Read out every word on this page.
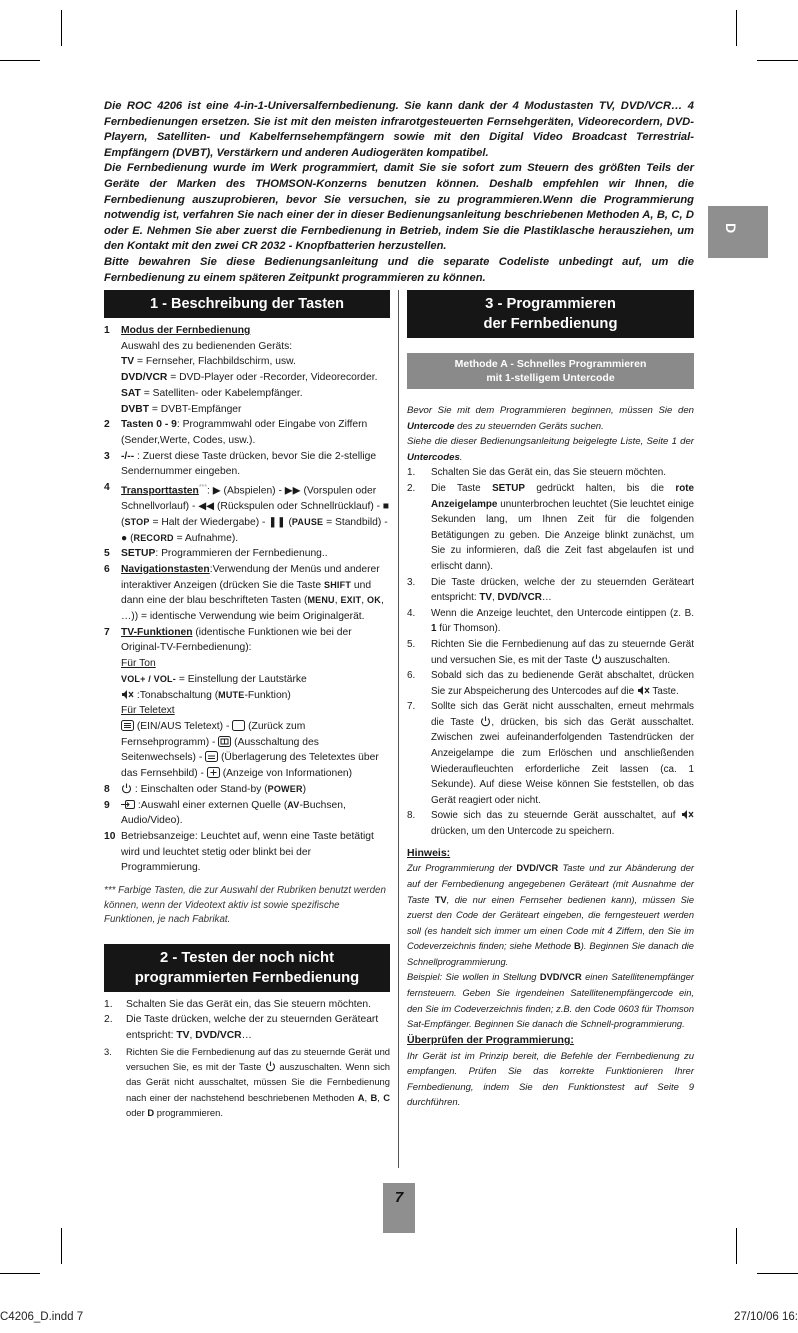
Die ROC 4206 ist eine 4-in-1-Universalfernbedienung. Sie kann dank der 4 Modustasten TV, DVD/VCR… 4 Fernbedienungen ersetzen. Sie ist mit den meisten infrarotgesteuerten Fernsehgeräten, Videorecordern, DVD-Playern, Satelliten- und Kabelfernsehempfängern sowie mit den Digital Video Broadcast Terrestrial-Empfängern (DVBT), Verstärkern und anderen Audiogeräten kompatibel.

Die Fernbedienung wurde im Werk programmiert, damit Sie sie sofort zum Steuern des größten Teils der Geräte der Marken des THOMSON-Konzerns benutzen können. Deshalb empfehlen wir Ihnen, die Fernbedienung auszuprobieren, bevor Sie versuchen, sie zu programmieren.Wenn die Programmierung notwendig ist, verfahren Sie nach einer der in dieser Bedienungsanleitung beschriebenen Methoden A, B, C, D oder E. Nehmen Sie aber zuerst die Fernbedienung in Betrieb, indem Sie die Plastiklasche herausziehen, um den Kontakt mit den zwei CR 2032 - Knopfbatterien herzustellen.

Bitte bewahren Sie diese Bedienungsanleitung und die separate Codeliste unbedingt auf, um die Fernbedienung zu einem späteren Zeitpunkt programmieren zu können.

D
1 - Beschreibung der Tasten
1 Modus der Fernbedienung
Auswahl des zu bedienenden Geräts:
TV = Fernseher, Flachbildschirm, usw.
DVD/VCR = DVD-Player oder -Recorder, Videorecorder.
SAT = Satelliten- oder Kabelempfänger.
DVBT = DVBT-Empfänger
2 Tasten 0 - 9: Programmwahl oder Eingabe von Ziffern (Sender,Werte, Codes, usw.).
3 -/-- : Zuerst diese Taste drücken, bevor Sie die 2-stellige Sendernummer eingeben.
4 Transporttasten***: ▶ (Abspielen) - ▶▶ (Vorspulen oder Schnellvorlauf) - ◀◀ (Rückspulen oder Schnellrücklauf) - ■ (STOP = Halt der Wiedergabe) - ❚❚ (PAUSE = Standbild) - ● (RECORD = Aufnahme).
5 SETUP: Programmieren der Fernbedienung..
6 Navigationstasten:Verwendung der Menüs und anderer interaktiver Anzeigen (drücken Sie die Taste SHIFT und dann eine der blau beschrifteten Tasten (MENU, EXIT, OK, …)) = identische Verwendung wie beim Originalgerät.
7 TV-Funktionen (identische Funktionen wie bei der Original-TV-Fernbedienung):
Für Ton
VOL+ / VOL- = Einstellung der Lautstärke
:Tonabschaltung (MUTE-Funktion)
Für Teletext
(EIN/AUS Teletext) -  (Zurück zum Fernsehprogramm) -  (Ausschaltung des Seitenwechsels) -  (Überlagerung des Teletextes über das Fernsehbild) -  (Anzeige von Informationen)
8 : Einschalten oder Stand-by (POWER)
9 :Auswahl einer externen Quelle (AV-Buchsen, Audio/Video).
10 Betriebsanzeige: Leuchtet auf, wenn eine Taste betätigt wird und leuchtet stetig oder blinkt bei der Programmierung.
*** Farbige Tasten, die zur Auswahl der Rubriken benutzt werden können, wenn der Videotext aktiv ist sowie spezifische Funktionen, je nach Fabrikat.
2 - Testen der noch nicht
programmierten Fernbedienung
1. Schalten Sie das Gerät ein, das Sie steuern möchten.
2. Die Taste drücken, welche der zu steuernden Geräteart entspricht: TV, DVD/VCR…
3. Richten Sie die Fernbedienung auf das zu steuernde Gerät und versuchen Sie, es mit der Taste  auszuschalten. Wenn sich das Gerät nicht ausschaltet, müssen Sie die Fernbedienung nach einer der nachstehend beschriebenen Methoden A, B, C oder D programmieren.
3 - Programmieren
der Fernbedienung
Methode A - Schnelles Programmieren
mit 1-stelligem Untercode
Bevor Sie mit dem Programmieren beginnen, müssen Sie den Untercode des zu steuernden Geräts suchen.
Siehe die dieser Bedienungsanleitung beigelegte Liste, Seite 1 der Untercodes.
1. Schalten Sie das Gerät ein, das Sie steuern möchten.
2. Die Taste SETUP gedrückt halten, bis die rote Anzeigelampe ununterbrochen leuchtet (Sie leuchtet einige Sekunden lang, um Ihnen Zeit für die folgenden Betätigungen zu geben. Die Anzeige blinkt zunächst, um Sie zu informieren, daß die Zeit fast abgelaufen ist und erlischt dann).
3. Die Taste drücken, welche der zu steuernden Geräteart entspricht: TV, DVD/VCR…
4. Wenn die Anzeige leuchtet, den Untercode eintippen (z. B. 1 für Thomson).
5. Richten Sie die Fernbedienung auf das zu steuernde Gerät und versuchen Sie, es mit der Taste  auszuschalten.
6. Sobald sich das zu bedienende Gerät abschaltet, drücken Sie zur Abspeicherung des Untercodes auf die  Taste.
7. Sollte sich das Gerät nicht ausschalten, erneut mehrmals die Taste , drücken, bis sich das Gerät ausschaltet. Zwischen zwei aufeinanderfolgenden Tastendrücken der Anzeigelampe die zum Erlöschen und anschließenden Wiederaufleuchten erforderliche Zeit lassen (ca. 1 Sekunde). Auf diese Weise können Sie feststellen, ob das Gerät reagiert oder nicht.
8. Sowie sich das zu steuernde Gerät ausschaltet, auf  drücken, um den Untercode zu speichern.
Hinweis:
Zur Programmierung der DVD/VCR Taste und zur Abänderung der auf der Fernbedienung angegebenen Geräteart (mit Ausnahme der Taste TV, die nur einen Fernseher bedienen kann), müssen Sie zuerst den Code der Geräteart eingeben, die ferngesteuert werden soll (es handelt sich immer um einen Code mit 4 Ziffern, den Sie im Codeverzeichnis finden; siehe Methode B). Beginnen Sie danach die Schnellprogrammierung.
Beispiel: Sie wollen in Stellung DVD/VCR einen Satellitenempfänger fernsteuern. Geben Sie irgendeinen Satellitenempfängercode ein, den Sie im Codeverzeichnis finden; z.B. den Code 0603 für Thomson Sat-Empfänger. Beginnen Sie danach die Schnell-programmierung.
Überprüfen der Programmierung:
Ihr Gerät ist im Prinzip bereit, die Befehle der Fernbedienung zu empfangen. Prüfen Sie das korrekte Funktionieren Ihrer Fernbedienung, indem Sie den Funktionstest auf Seite 9 durchführen.
7
C4206_D.indd 7	27/10/06 16:
